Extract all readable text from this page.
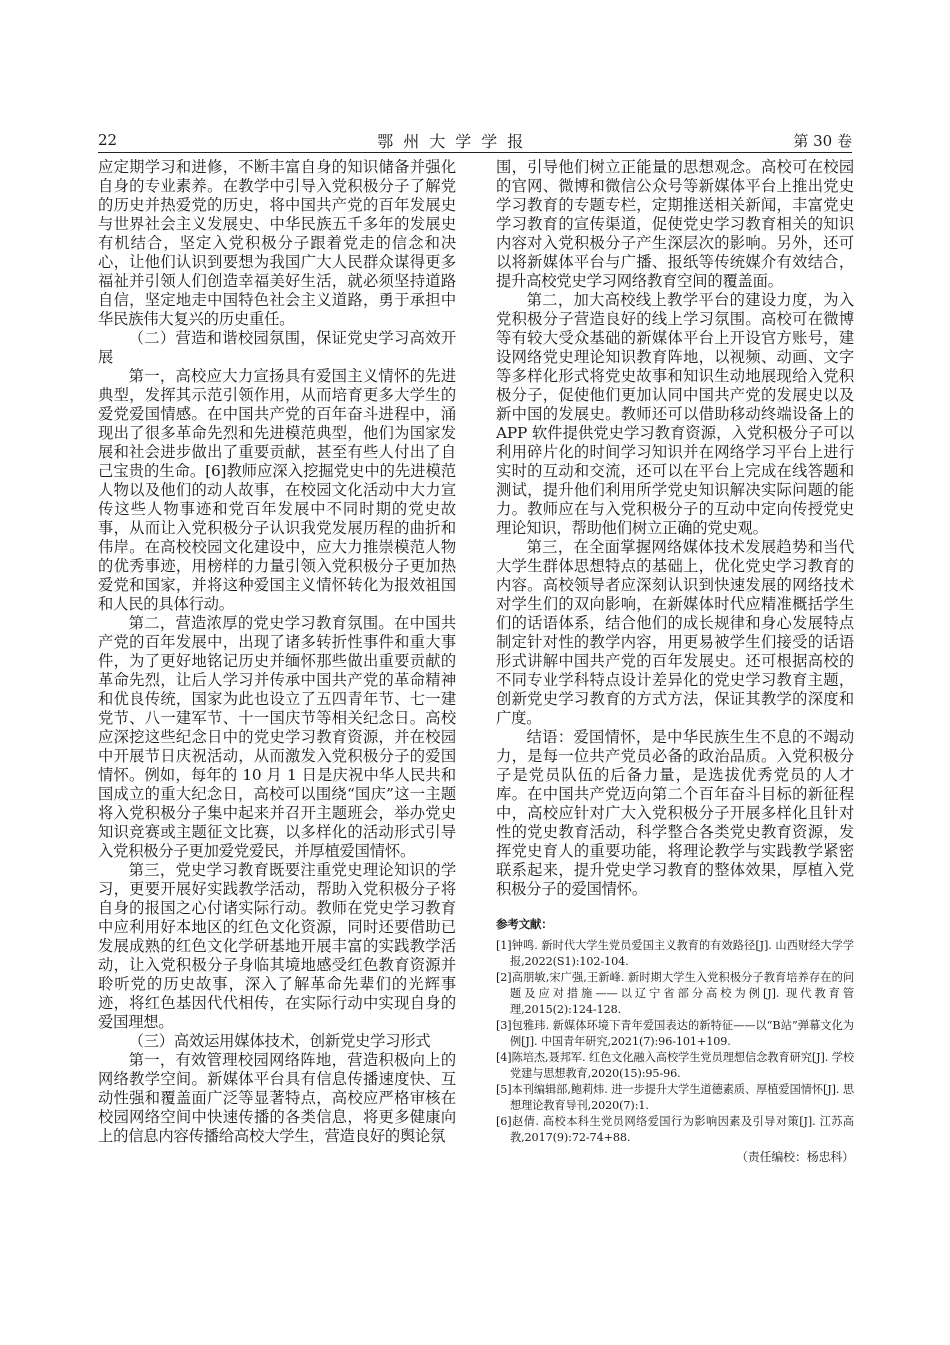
22	鄂州大学学报	第 30 卷

应定期学习和进修，不断丰富自身的知识储备并强化自身的专业素养。在教学中引导入党积极分子了解党的历史并热爱党的历史，将中国共产党的百年发展史与世界社会主义发展史、中华民族五千多年的发展史有机结合，坚定入党积极分子跟着党走的信念和决心，让他们认识到要想为我国广大人民群众谋得更多福祉并引领人们创造幸福美好生活，就必须坚持道路自信，坚定地走中国特色社会主义道路，勇于承担中华民族伟大复兴的历史重任。

（二）营造和谐校园氛围，保证党史学习高效开展

第一，高校应大力宣扬具有爱国主义情怀的先进典型，发挥其示范引领作用，从而培育更多大学生的爱党爱国情感。在中国共产党的百年奋斗进程中，涌现出了很多革命先烈和先进模范典型，他们为国家发展和社会进步做出了重要贡献，甚至有些人付出了自己宝贵的生命。[6]教师应深入挖掘党史中的先进模范人物以及他们的动人故事，在校园文化活动中大力宣传这些人物事迹和党百年发展中不同时期的党史故事，从而让入党积极分子认识我党发展历程的曲折和伟岸。在高校校园文化建设中，应大力推崇模范人物的优秀事迹，用榜样的力量引领入党积极分子更加热爱党和国家，并将这种爱国主义情怀转化为报效祖国和人民的具体行动。

第二，营造浓厚的党史学习教育氛围。在中国共产党的百年发展中，出现了诸多转折性事件和重大事件，为了更好地铭记历史并缅怀那些做出重要贡献的革命先烈，让后人学习并传承中国共产党的革命精神和优良传统，国家为此也设立了五四青年节、七一建党节、八一建军节、十一国庆节等相关纪念日。高校应深挖这些纪念日中的党史学习教育资源，并在校园中开展节日庆祝活动，从而激发入党积极分子的爱国情怀。例如，每年的 10 月 1 日是庆祝中华人民共和国成立的重大纪念日，高校可以围绕“国庆”这一主题将入党积极分子集中起来并召开主题班会，举办党史知识竞赛或主题征文比赛，以多样化的活动形式引导入党积极分子更加爱党爱民，并厚植爱国情怀。

第三，党史学习教育既要注重党史理论知识的学习，更要开展好实践教学活动，帮助入党积极分子将自身的报国之心付诸实际行动。教师在党史学习教育中应利用好本地区的红色文化资源，同时还要借助已发展成熟的红色文化学研基地开展丰富的实践教学活动，让入党积极分子身临其境地感受红色教育资源并聆听党的历史故事，深入了解革命先辈们的光辉事迹，将红色基因代代相传，在实际行动中实现自身的爱国理想。

（三）高效运用媒体技术，创新党史学习形式

第一，有效管理校园网络阵地，营造积极向上的网络教学空间。新媒体平台具有信息传播速度快、互动性强和覆盖面广泛等显著特点，高校应严格审核在校园网络空间中快速传播的各类信息，将更多健康向上的信息内容传播给高校大学生，营造良好的舆论氛

围，引导他们树立正能量的思想观念。高校可在校园的官网、微博和微信公众号等新媒体平台上推出党史学习教育的专题专栏，定期推送相关新闻，丰富党史学习教育的宣传渠道，促使党史学习教育相关的知识内容对入党积极分子产生深层次的影响。另外，还可以将新媒体平台与广播、报纸等传统媒介有效结合，提升高校党史学习网络教育空间的覆盖面。

第二，加大高校线上教学平台的建设力度，为入党积极分子营造良好的线上学习氛围。高校可在微博等有较大受众基础的新媒体平台上开设官方账号，建设网络党史理论知识教育阵地，以视频、动画、文字等多样化形式将党史故事和知识生动地展现给入党积极分子，促使他们更加认同中国共产党的发展史以及新中国的发展史。教师还可以借助移动终端设备上的 APP 软件提供党史学习教育资源，入党积极分子可以利用碎片化的时间学习知识并在网络学习平台上进行实时的互动和交流，还可以在平台上完成在线答题和测试，提升他们利用所学党史知识解决实际问题的能力。教师应在与入党积极分子的互动中定向传授党史理论知识，帮助他们树立正确的党史观。

第三，在全面掌握网络媒体技术发展趋势和当代大学生群体思想特点的基础上，优化党史学习教育的内容。高校领导者应深刻认识到快速发展的网络技术对学生们的双向影响，在新媒体时代应精准概括学生们的话语体系，结合他们的成长规律和身心发展特点制定针对性的教学内容，用更易被学生们接受的话语形式讲解中国共产党的百年发展史。还可根据高校的不同专业学科特点设计差异化的党史学习教育主题，创新党史学习教育的方式方法，保证其教学的深度和广度。

结语：爱国情怀，是中华民族生生不息的不竭动力，是每一位共产党员必备的政治品质。入党积极分子是党员队伍的后备力量，是选拔优秀党员的人才库。在中国共产党迈向第二个百年奋斗目标的新征程中，高校应针对广大入党积极分子开展多样化且针对性的党史教育活动，科学整合各类党史教育资源，发挥党史育人的重要功能，将理论教学与实践教学紧密联系起来，提升党史学习教育的整体效果，厚植入党积极分子的爱国情怀。

参考文献：
[1]钟鸣. 新时代大学生党员爱国主义教育的有效路径[J]. 山西财经大学学报,2022(S1):102-104.
[2]高朋敏,宋广强,王新峰. 新时期大学生入党积极分子教育培养存在的问题及应对措施——以辽宁省部分高校为例[J]. 现代教育管理,2015(2):124-128.
[3]包雅玮. 新媒体环境下青年爱国表达的新特征——以“B站”弹幕文化为例[J]. 中国青年研究,2021(7):96-101+109.
[4]陈培杰,聂邦军. 红色文化融入高校学生党员理想信念教育研究[J]. 学校党建与思想教育,2020(15):95-96.
[5]本刊编辑部,鲍莉炜. 进一步提升大学生道德素质、厚植爱国情怀[J]. 思想理论教育导刊,2020(7):1.
[6]赵倩. 高校本科生党员网络爱国行为影响因素及引导对策[J]. 江苏高教,2017(9):72-74+88.
（责任编校：杨忠科）
